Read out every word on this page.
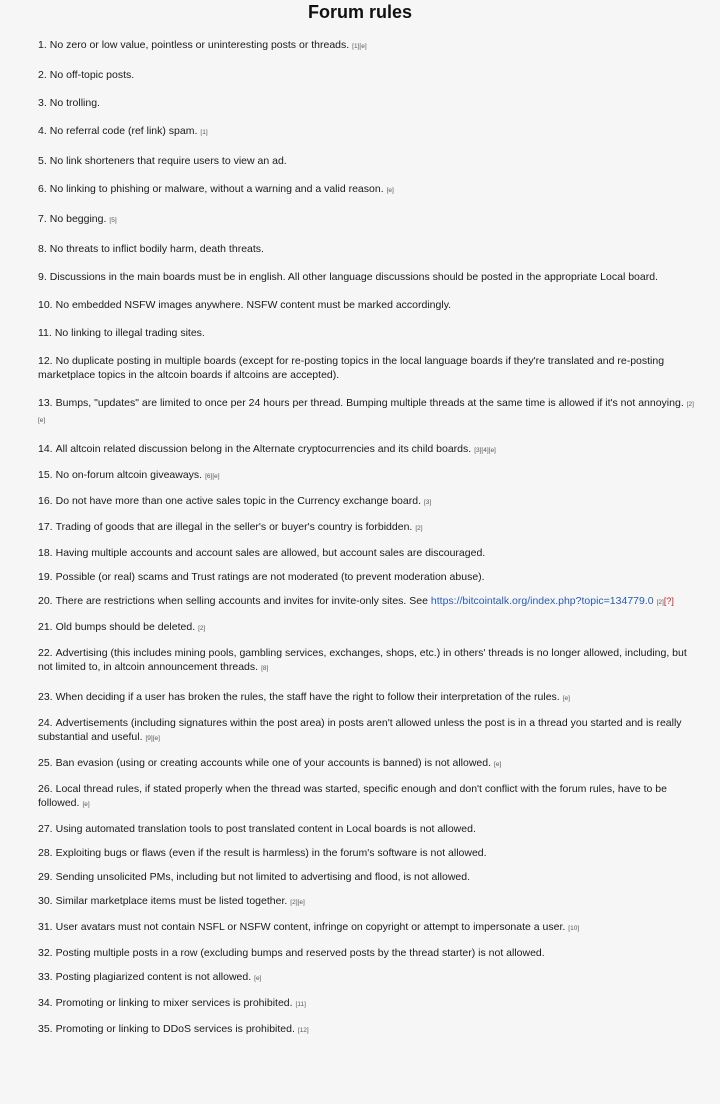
Forum rules
1. No zero or low value, pointless or uninteresting posts or threads. [1][e]
2. No off-topic posts.
3. No trolling.
4. No referral code (ref link) spam. [1]
5. No link shorteners that require users to view an ad.
6. No linking to phishing or malware, without a warning and a valid reason. [e]
7. No begging. [5]
8. No threats to inflict bodily harm, death threats.
9. Discussions in the main boards must be in english. All other language discussions should be posted in the appropriate Local board.
10. No embedded NSFW images anywhere. NSFW content must be marked accordingly.
11. No linking to illegal trading sites.
12. No duplicate posting in multiple boards (except for re-posting topics in the local language boards if they're translated and re-posting marketplace topics in the altcoin boards if altcoins are accepted).
13. Bumps, "updates" are limited to once per 24 hours per thread. Bumping multiple threads at the same time is allowed if it's not annoying. [2][e]
14. All altcoin related discussion belong in the Alternate cryptocurrencies and its child boards. [3][4][e]
15. No on-forum altcoin giveaways. [6][e]
16. Do not have more than one active sales topic in the Currency exchange board. [3]
17. Trading of goods that are illegal in the seller's or buyer's country is forbidden. [2]
18. Having multiple accounts and account sales are allowed, but account sales are discouraged.
19. Possible (or real) scams and Trust ratings are not moderated (to prevent moderation abuse).
20. There are restrictions when selling accounts and invites for invite-only sites. See https://bitcointalk.org/index.php?topic=134779.0 [2][?]
21. Old bumps should be deleted. [2]
22. Advertising (this includes mining pools, gambling services, exchanges, shops, etc.) in others' threads is no longer allowed, including, but not limited to, in altcoin announcement threads. [8]
23. When deciding if a user has broken the rules, the staff have the right to follow their interpretation of the rules. [e]
24. Advertisements (including signatures within the post area) in posts aren't allowed unless the post is in a thread you started and is really substantial and useful. [9][e]
25. Ban evasion (using or creating accounts while one of your accounts is banned) is not allowed. [e]
26. Local thread rules, if stated properly when the thread was started, specific enough and don't conflict with the forum rules, have to be followed. [e]
27. Using automated translation tools to post translated content in Local boards is not allowed.
28. Exploiting bugs or flaws (even if the result is harmless) in the forum's software is not allowed.
29. Sending unsolicited PMs, including but not limited to advertising and flood, is not allowed.
30. Similar marketplace items must be listed together. [2][e]
31. User avatars must not contain NSFL or NSFW content, infringe on copyright or attempt to impersonate a user. [10]
32. Posting multiple posts in a row (excluding bumps and reserved posts by the thread starter) is not allowed.
33. Posting plagiarized content is not allowed. [e]
34. Promoting or linking to mixer services is prohibited. [11]
35. Promoting or linking to DDoS services is prohibited. [12]
